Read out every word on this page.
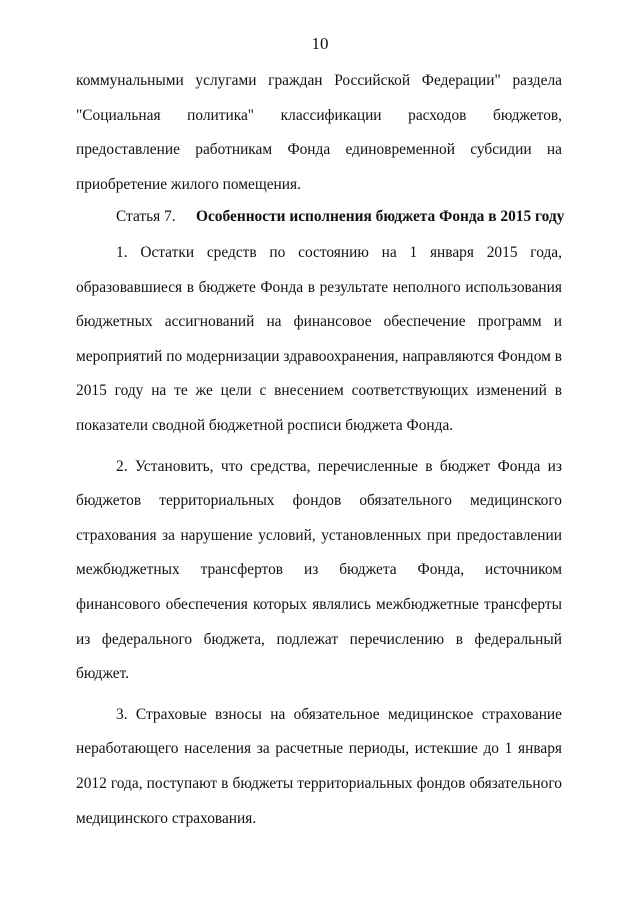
10

коммунальными услугами граждан Российской Федерации" раздела "Социальная политика" классификации расходов бюджетов, предоставление работникам Фонда единовременной субсидии на приобретение жилого помещения.

Статья 7. Особенности исполнения бюджета Фонда в 2015 году

1. Остатки средств по состоянию на 1 января 2015 года, образовавшиеся в бюджете Фонда в результате неполного использования бюджетных ассигнований на финансовое обеспечение программ и мероприятий по модернизации здравоохранения, направляются Фондом в 2015 году на те же цели с внесением соответствующих изменений в показатели сводной бюджетной росписи бюджета Фонда.

2. Установить, что средства, перечисленные в бюджет Фонда из бюджетов территориальных фондов обязательного медицинского страхования за нарушение условий, установленных при предоставлении межбюджетных трансфертов из бюджета Фонда, источником финансового обеспечения которых являлись межбюджетные трансферты из федерального бюджета, подлежат перечислению в федеральный бюджет.

3. Страховые взносы на обязательное медицинское страхование неработающего населения за расчетные периоды, истекшие до 1 января 2012 года, поступают в бюджеты территориальных фондов обязательного медицинского страхования.
